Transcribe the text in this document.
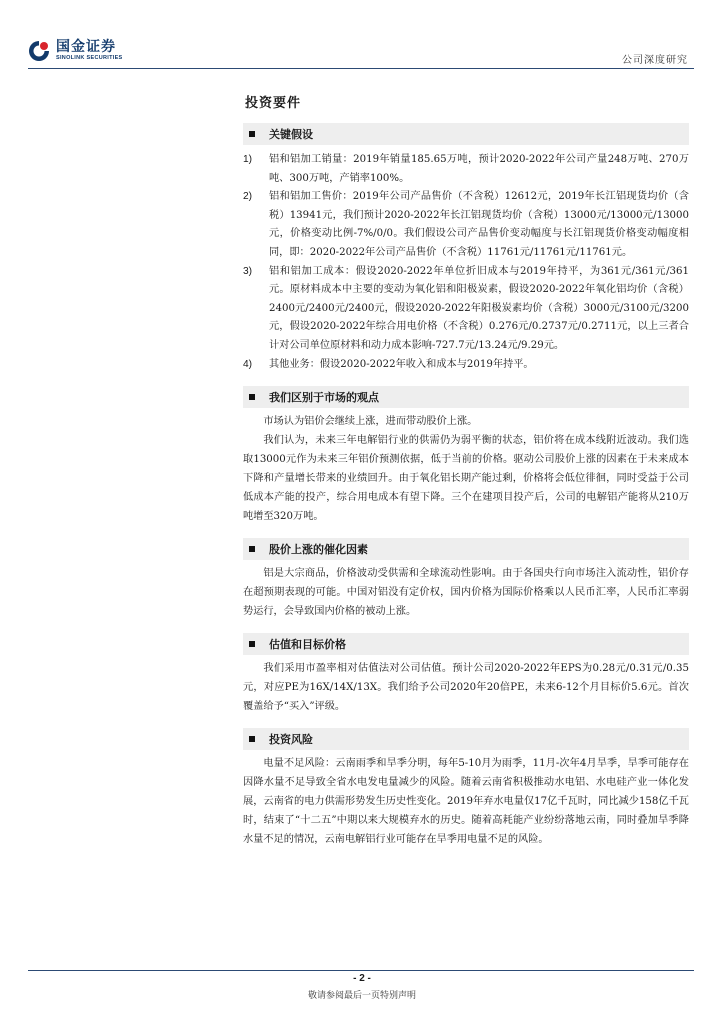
国金证券
SINOLINK SECURITIES	公司深度研究
投资要件
关键假设
1)	铝和铝加工销量：2019年销量185.65万吨，预计2020-2022年公司产量248万吨、270万吨、300万吨，产销率100%。
2)	铝和铝加工售价：2019年公司产品售价（不含税）12612元，2019年长江铝现货均价（含税）13941元，我们预计2020-2022年长江铝现货均价（含税）13000元/13000元/13000元，价格变动比例-7%/0/0。我们假设公司产品售价变动幅度与长江铝现货价格变动幅度相同，即：2020-2022年公司产品售价（不含税）11761元/11761元/11761元。
3)	铝和铝加工成本：假设2020-2022年单位折旧成本与2019年持平，为361元/361元/361元。原材料成本中主要的变动为氧化铝和阳极炭素，假设2020-2022年氧化铝均价（含税）2400元/2400元/2400元，假设2020-2022年阳极炭素均价（含税）3000元/3100元/3200元，假设2020-2022年综合用电价格（不含税）0.276元/0.2737元/0.2711元，以上三者合计对公司单位原材料和动力成本影响-727.7元/13.24元/9.29元。
4)	其他业务：假设2020-2022年收入和成本与2019年持平。
我们区别于市场的观点

市场认为铝价会继续上涨，进而带动股价上涨。

我们认为，未来三年电解铝行业的供需仍为弱平衡的状态，铝价将在成本线附近波动。我们选取13000元作为未来三年铝价预测依据，低于当前的价格。驱动公司股价上涨的因素在于未来成本下降和产量增长带来的业绩回升。由于氧化铝长期产能过剩，价格将会低位徘徊，同时受益于公司低成本产能的投产，综合用电成本有望下降。三个在建项目投产后，公司的电解铝产能将从210万吨增至320万吨。

股价上涨的催化因素

铝是大宗商品，价格波动受供需和全球流动性影响。由于各国央行向市场注入流动性，铝价存在超预期表现的可能。中国对铝没有定价权，国内价格为国际价格乘以人民币汇率，人民币汇率弱势运行，会导致国内价格的被动上涨。

估值和目标价格

我们采用市盈率相对估值法对公司估值。预计公司2020-2022年EPS为0.28元/0.31元/0.35元，对应PE为16X/14X/13X。我们给予公司2020年20倍PE，未来6-12个月目标价5.6元。首次覆盖给予“买入”评级。

投资风险

电量不足风险：云南雨季和旱季分明，每年5-10月为雨季，11月-次年4月旱季，旱季可能存在因降水量不足导致全省水电发电量减少的风险。随着云南省积极推动水电铝、水电硅产业一体化发展，云南省的电力供需形势发生历史性变化。2019年弃水电量仅17亿千瓦时，同比减少158亿千瓦时，结束了“十二五”中期以来大规模弃水的历史。随着高耗能产业纷纷落地云南，同时叠加旱季降水量不足的情况，云南电解铝行业可能存在旱季用电量不足的风险。

- 2 -
敬请参阅最后一页特别声明
